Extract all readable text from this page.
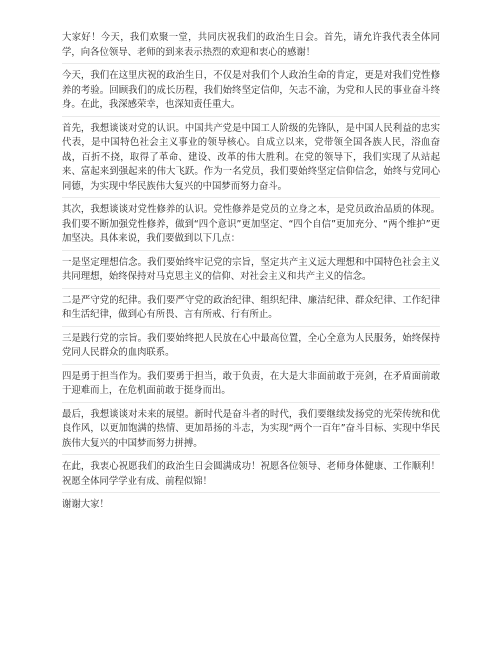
大家好！今天，我们欢聚一堂，共同庆祝我们的政治生日会。首先，请允许我代表全体同学，向各位领导、老师的到来表示热烈的欢迎和衷心的感谢！

今天，我们在这里庆祝的政治生日，不仅是对我们个人政治生命的肯定，更是对我们党性修养的考验。回顾我们的成长历程，我们始终坚定信仰，矢志不渝，为党和人民的事业奋斗终身。在此，我深感荣幸，也深知责任重大。

首先，我想谈谈对党的认识。中国共产党是中国工人阶级的先锋队，是中国人民利益的忠实代表，是中国特色社会主义事业的领导核心。自成立以来，党带领全国各族人民，浴血奋战，百折不挠，取得了革命、建设、改革的伟大胜利。在党的领导下，我们实现了从站起来、富起来到强起来的伟大飞跃。作为一名党员，我们要始终坚定信仰信念，始终与党同心同德，为实现中华民族伟大复兴的中国梦而努力奋斗。

其次，我想谈谈对党性修养的认识。党性修养是党员的立身之本，是党员政治品质的体现。我们要不断加强党性修养，做到“四个意识”更加坚定、“四个自信”更加充分、“两个维护”更加坚决。具体来说，我们要做到以下几点：

一是坚定理想信念。我们要始终牢记党的宗旨，坚定共产主义远大理想和中国特色社会主义共同理想，始终保持对马克思主义的信仰、对社会主义和共产主义的信念。

二是严守党的纪律。我们要严守党的政治纪律、组织纪律、廉洁纪律、群众纪律、工作纪律和生活纪律，做到心有所畏、言有所戒、行有所止。

三是践行党的宗旨。我们要始终把人民放在心中最高位置，全心全意为人民服务，始终保持党同人民群众的血肉联系。

四是勇于担当作为。我们要勇于担当，敢于负责，在大是大非面前敢于亮剑，在矛盾面前敢于迎难而上，在危机面前敢于挺身而出。

最后，我想谈谈对未来的展望。新时代是奋斗者的时代，我们要继续发扬党的光荣传统和优良作风，以更加饱满的热情、更加昂扬的斗志，为实现“两个一百年”奋斗目标、实现中华民族伟大复兴的中国梦而努力拼搏。

在此，我衷心祝愿我们的政治生日会圆满成功！祝愿各位领导、老师身体健康、工作顺利！祝愿全体同学学业有成、前程似锦！

谢谢大家！
